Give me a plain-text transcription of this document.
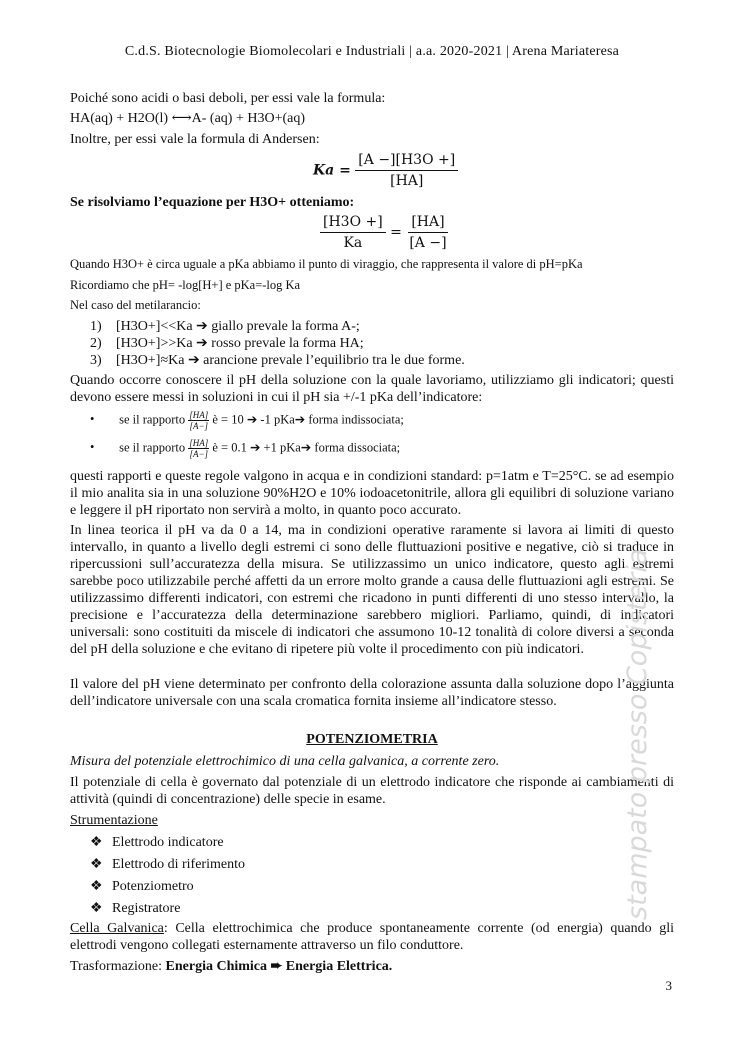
C.d.S. Biotecnologie Biomolecolari e Industriali | a.a. 2020-2021 | Arena Mariateresa
Poiché sono acidi o basi deboli, per essi vale la formula:
HA(aq) + H2O(l) ⟷A- (aq) + H3O+(aq)
Inoltre, per essi vale la formula di Andersen:
$Ka = \frac{[A -][H3O +]}{[HA]}$
Se risolviamo l’equazione per H3O+ otteniamo:
$\frac{[H3O +]}{Ka} = \frac{[HA]}{[A -]}$
Quando H3O+ è circa uguale a pKa abbiamo il punto di viraggio, che rappresenta il valore di pH=pKa
Ricordiamo che pH= -log[H+] e pKa=-log Ka
Nel caso del metilarancio:
1) [H3O+]<<Ka ➔ giallo prevale la forma A-;
2) [H3O+]>>Ka ➔ rosso prevale la forma HA;
3) [H3O+]≈Ka ➔ arancione prevale l’equilibrio tra le due forme.
Quando occorre conoscere il pH della soluzione con la quale lavoriamo, utilizziamo gli indicatori; questi devono essere messi in soluzioni in cui il pH sia +/-1 pKa dell’indicatore:
• se il rapporto $\frac{[HA]}{[A-]}$ è = 10 ➔ -1 pKa➔ forma indissociata;
• se il rapporto $\frac{[HA]}{[A-]}$ è = 0.1 ➔ +1 pKa➔ forma dissociata;
questi rapporti e queste regole valgono in acqua e in condizioni standard: p=1atm e T=25°C. se ad esempio il mio analita sia in una soluzione 90%H2O e 10% iodoacetonitrile, allora gli equilibri di soluzione variano e leggere il pH riportato non servirà a molto, in quanto poco accurato.
In linea teorica il pH va da 0 a 14, ma in condizioni operative raramente si lavora ai limiti di questo intervallo, in quanto a livello degli estremi ci sono delle fluttuazioni positive e negative, ciò si traduce in ripercussioni sull’accuratezza della misura. Se utilizzassimo un unico indicatore, questo agli estremi sarebbe poco utilizzabile perché affetti da un errore molto grande a causa delle fluttuazioni agli estremi. Se utilizzassimo differenti indicatori, con estremi che ricadono in punti differenti di uno stesso intervallo, la precisione e l’accuratezza della determinazione sarebbero migliori. Parliamo, quindi, di indicatori universali: sono costituiti da miscele di indicatori che assumono 10-12 tonalità di colore diversi a seconda del pH della soluzione e che evitano di ripetere più volte il procedimento con più indicatori.
Il valore del pH viene determinato per confronto della colorazione assunta dalla soluzione dopo l’aggiunta dell’indicatore universale con una scala cromatica fornita insieme all’indicatore stesso.
POTENZIOMETRIA
Misura del potenziale elettrochimico di una cella galvanica, a corrente zero.
Il potenziale di cella è governato dal potenziale di un elettrodo indicatore che risponde ai cambiamenti di attività (quindi di concentrazione) delle specie in esame.
Strumentazione
❖ Elettrodo indicatore
❖ Elettrodo di riferimento
❖ Potenziometro
❖ Registratore
Cella Galvanica: Cella elettrochimica che produce spontaneamente corrente (od energia) quando gli elettrodi vengono collegati esternamente attraverso un filo conduttore.
Trasformazione: Energia Chimica ➨ Energia Elettrica.
stampato presso Copisteria
3
